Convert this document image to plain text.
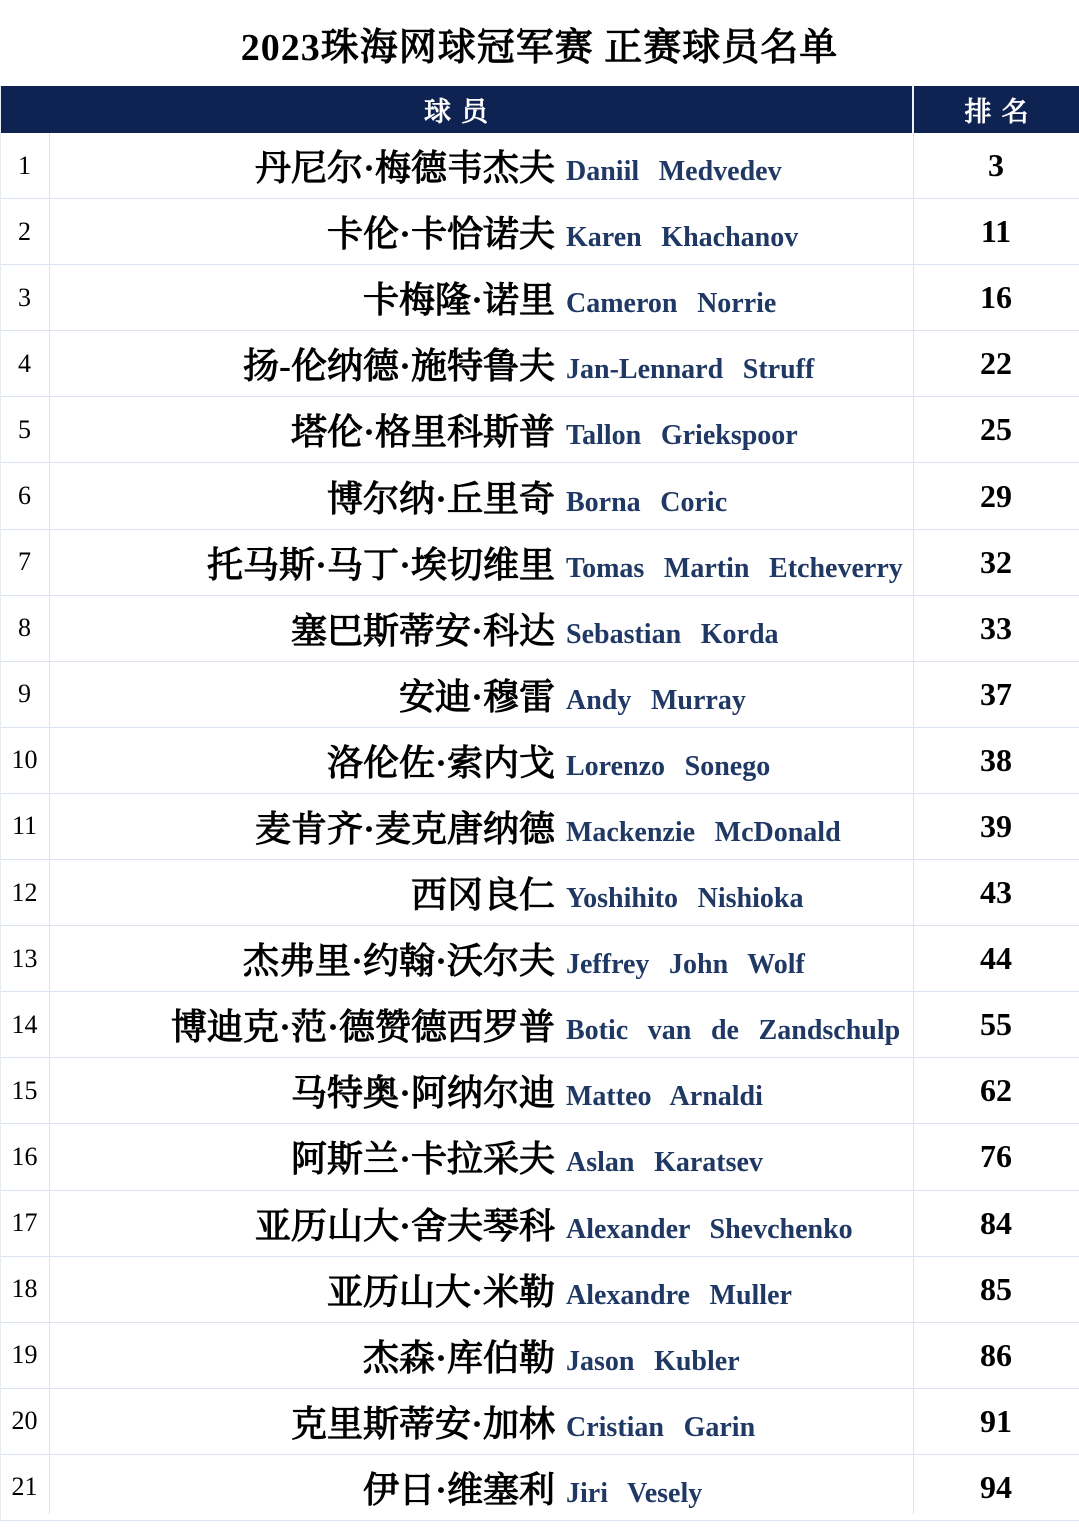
2023珠海网球冠军赛 正赛球员名单
球员	排名
1	丹尼尔·梅德韦杰夫 Daniil Medvedev	3
2	卡伦·卡恰诺夫 Karen Khachanov	11
3	卡梅隆·诺里 Cameron Norrie	16
4	扬-伦纳德·施特鲁夫 Jan-Lennard Struff	22
5	塔伦·格里科斯普 Tallon Griekspoor	25
6	博尔纳·丘里奇 Borna Coric	29
7	托马斯·马丁·埃切维里 Tomas Martin Etcheverry	32
8	塞巴斯蒂安·科达 Sebastian Korda	33
9	安迪·穆雷 Andy Murray	37
10	洛伦佐·索内戈 Lorenzo Sonego	38
11	麦肯齐·麦克唐纳德 Mackenzie McDonald	39
12	西冈良仁 Yoshihito Nishioka	43
13	杰弗里·约翰·沃尔夫 Jeffrey John Wolf	44
14	博迪克·范·德赞德西罗普 Botic van de Zandschulp	55
15	马特奥·阿纳尔迪 Matteo Arnaldi	62
16	阿斯兰·卡拉采夫 Aslan Karatsev	76
17	亚历山大·舍夫琴科 Alexander Shevchenko	84
18	亚历山大·米勒 Alexandre Muller	85
19	杰森·库伯勒 Jason Kubler	86
20	克里斯蒂安·加林 Cristian Garin	91
21	伊日·维塞利 Jiri Vesely	94
